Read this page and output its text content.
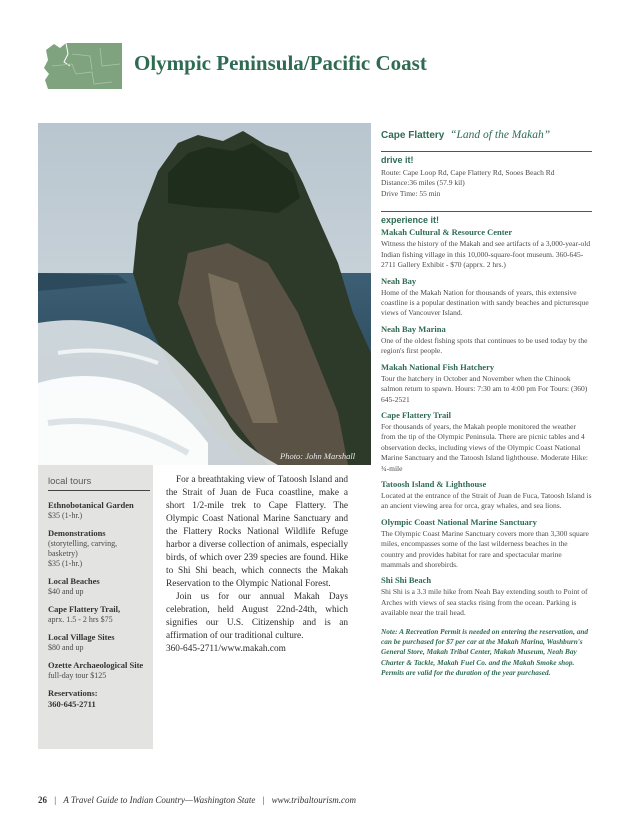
Olympic Peninsula/Pacific Coast
Photo: John Marshall
local tours
Ethnobotanical Garden
$35 (1-hr.)
Demonstrations
(storytelling, carving,
basketry)
$35 (1-hr.)
Local Beaches
$40 and up
Cape Flattery Trail,
aprx. 1.5 - 2 hrs $75
Local Village Sites
$80 and up
Ozette Archaeological Site
full-day tour $125
Reservations:
360-645-2711

For a breathtaking view of Tatoosh Island and the Strait of Juan de Fuca coastline, make a short 1/2-mile trek to Cape Flattery. The Olympic Coast National Marine Sanctuary and the Flattery Rocks National Wildlife Refuge harbor a diverse collection of animals, especially birds, of which over 239 species are found. Hike to Shi Shi beach, which connects the Makah Reservation to the Olympic National Forest.

Join us for our annual Makah Days celebration, held August 22nd-24th, which signifies our U.S. Citizenship and is an affirmation of our traditional culture.

360-645-2711/www.makah.com
Cape Flattery “Land of the Makah”
drive it!
Route: Cape Loop Rd, Cape Flattery Rd, Sooes Beach Rd
Distance:36 miles (57.9 kil)
Drive Time: 55 min
experience it!
Makah Cultural & Resource Center
Witness the history of the Makah and see artifacts of a 3,000-year-old Indian fishing village in this 10,000-square-foot museum. 360-645-2711 Gallery Exhibit - $70 (apprx. 2 hrs.)
Neah Bay
Home of the Makah Nation for thousands of years, this extensive coastline is a popular destination with sandy beaches and picturesque views of Vancouver Island.
Neah Bay Marina
One of the oldest fishing spots that continues to be used today by the region's first people.
Makah National Fish Hatchery
Tour the hatchery in October and November when the Chinook salmon return to spawn. Hours: 7:30 am to 4:00 pm For Tours: (360) 645-2521
Cape Flattery Trail
For thousands of years, the Makah people monitored the weather from the tip of the Olympic Peninsula. There are picnic tables and 4 observation decks, including views of the Olympic Coast National Marine Sanctuary and the Tatoosh Island lighthouse. Moderate Hike: ¾-mile
Tatoosh Island & Lighthouse
Located at the entrance of the Strait of Juan de Fuca, Tatoosh Island is an ancient viewing area for orca, gray whales, and sea lions.
Olympic Coast National Marine Sanctuary
The Olympic Coast Marine Sanctuary covers more than 3,300 square miles, encompasses some of the last wilderness beaches in the country and provides habitat for rare and spectacular marine mammals and shorebirds.
Shi Shi Beach
Shi Shi is a 3.3 mile hike from Neah Bay extending south to Point of Arches with views of sea stacks rising from the ocean. Parking is available near the trail head.
Note: A Recreation Permit is needed on entering the reservation, and can be purchased for $7 per car at the Makah Marina, Washburn's General Store, Makah Tribal Center, Makah Museum, Neah Bay Charter & Tackle, Makah Fuel Co. and the Makah Smoke shop. Permits are valid for the duration of the year purchased.
26 | A Travel Guide to Indian Country—Washington State | www.tribaltourism.com
